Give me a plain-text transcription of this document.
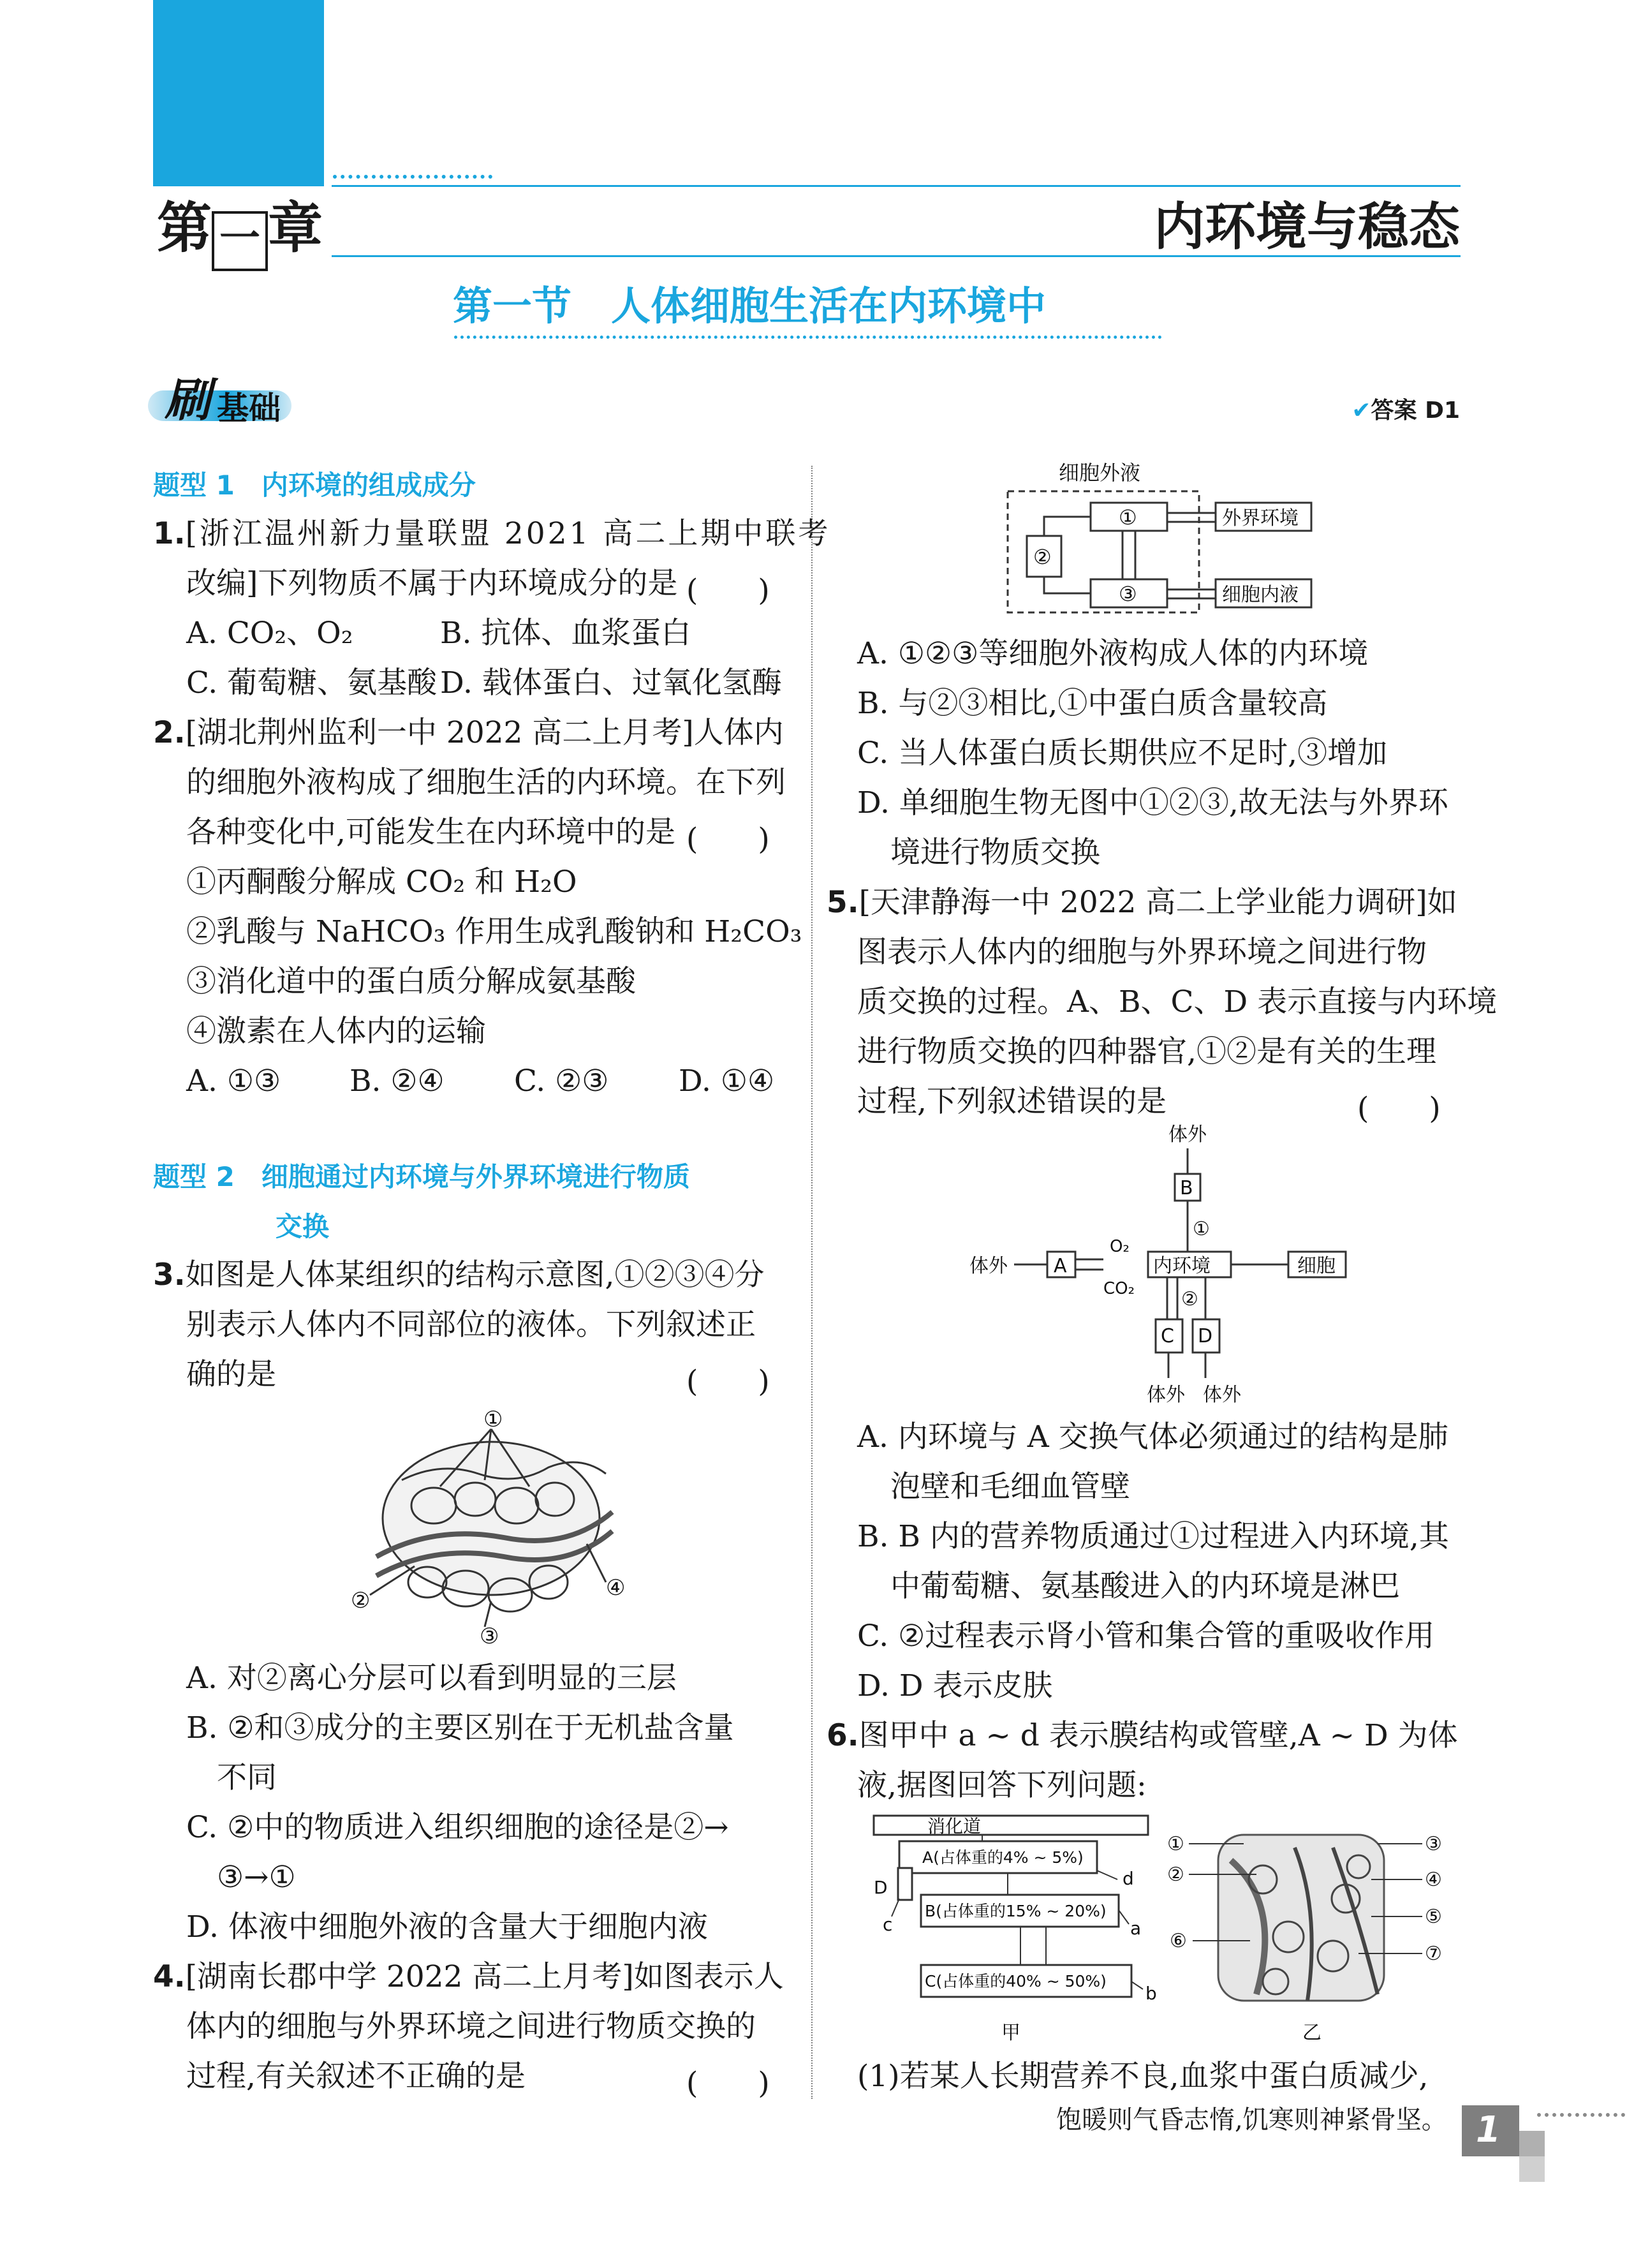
第 一 章	内环境与稳态
第一节　人体细胞生活在内环境中
刷 基础	✔答案 D1
题型 1　 内环境的组成成分
1.[浙江温州新力量联盟 2021 高二上期中联考
改编]下列物质不属于内环境成分的是 (　　)
A. CO₂、O₂	B. 抗体、血浆蛋白
C. 葡萄糖、氨基酸 D. 载体蛋白、过氧化氢酶
2.[湖北荆州监利一中 2022 高二上月考]人体内
的细胞外液构成了细胞生活的内环境。在下列
各种变化中,可能发生在内环境中的是 (　　)
①丙酮酸分解成 CO₂ 和 H₂O
②乳酸与 NaHCO₃ 作用生成乳酸钠和 H₂CO₃
③消化道中的蛋白质分解成氨基酸
④激素在人体内的运输
A. ①③ B. ②④ C. ②③ D. ①④
题型 2　 细胞通过内环境与外界环境进行物质
交换
3.如图是人体某组织的结构示意图,①②③④分
别表示人体内不同部位的液体。下列叙述正
确的是	(　　)
①
②
③
④
A. 对②离心分层可以看到明显的三层
B. ②和③成分的主要区别在于无机盐含量
不同
C. ②中的物质进入组织细胞的途径是②→
③→①
D. 体液中细胞外液的含量大于细胞内液
4.[湖南长郡中学 2022 高二上月考]如图表示人
体内的细胞与外界环境之间进行物质交换的
过程,有关叙述不正确的是	(　　)
细胞外液
①
②
③
外界环境
细胞内液
A. ①②③等细胞外液构成人体的内环境
B. 与②③相比,①中蛋白质含量较高
C. 当人体蛋白质长期供应不足时,③增加
D. 单细胞生物无图中①②③,故无法与外界环
境进行物质交换
5.[天津静海一中 2022 高二上学业能力调研]如
图表示人体内的细胞与外界环境之间进行物
质交换的过程。A、B、C、D 表示直接与内环境
进行物质交换的四种器官,①②是有关的生理
过程,下列叙述错误的是	(　　)
体外
B
①
体外 A
O₂
CO₂
内环境	细胞
②
C D
体外 体外
A. 内环境与 A 交换气体必须通过的结构是肺
泡壁和毛细血管壁
B. B 内的营养物质通过①过程进入内环境,其
中葡萄糖、氨基酸进入的内环境是淋巴
C. ②过程表示肾小管和集合管的重吸收作用
D. D 表示皮肤
6.图甲中 a ~ d 表示膜结构或管壁,A ~ D 为体
液,据图回答下列问题:
消化道
A(占体重的4% ~ 5%)
B(占体重的15% ~ 20%)
C(占体重的40% ~ 50%)
D	d
a
b
c
甲
①
②
③
④
⑤
⑥
⑦
乙
(1)若某人长期营养不良,血浆中蛋白质减少,
饱暖则气昏志惰,饥寒则神紧骨坚。 1
